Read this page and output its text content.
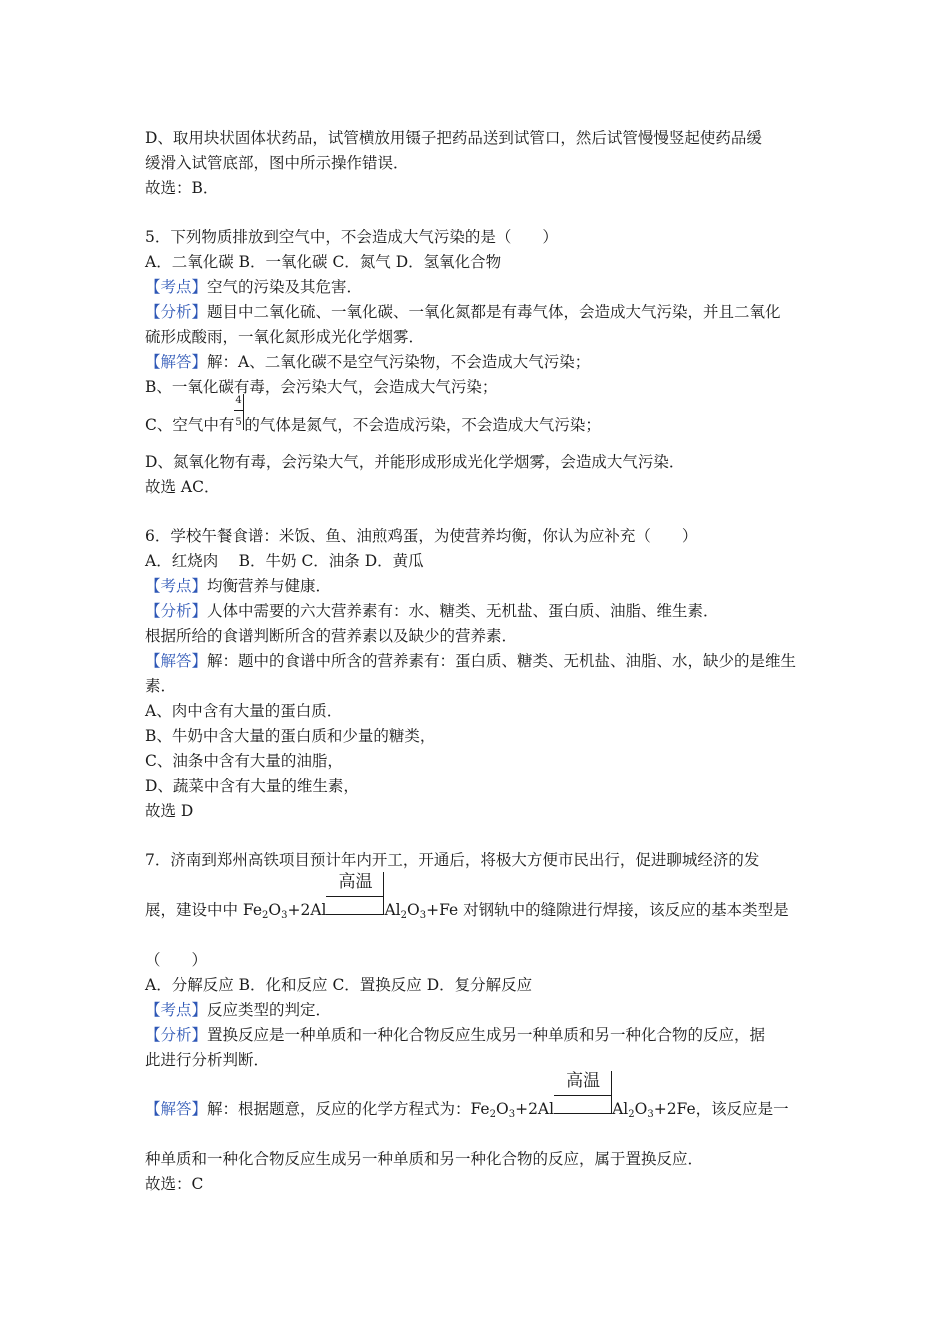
D、取用块状固体状药品，试管横放用镊子把药品送到试管口，然后试管慢慢竖起使药品缓
缓滑入试管底部，图中所示操作错误．
故选：B．
5．下列物质排放到空气中，不会造成大气污染的是（　　）
A．二氧化碳 B．一氧化碳 C．氮气 D．氢氧化合物
【考点】空气的污染及其危害．
【分析】题目中二氧化硫、一氧化碳、一氧化氮都是有毒气体，会造成大气污染，并且二氧化
硫形成酸雨，一氧化氮形成光化学烟雾．
【解答】解：A、二氧化碳不是空气污染物，不会造成大气污染；
B、一氧化碳有毒，会污染大气，会造成大气污染；
C、空气中有 $\frac{4}{5}$ 的气体是氮气，不会造成污染，不会造成大气污染；
D、氮氧化物有毒，会污染大气，并能形成形成光化学烟雾，会造成大气污染．
故选 AC．
6．学校午餐食谱：米饭、鱼、油煎鸡蛋，为使营养均衡，你认为应补充（　　）
A．红烧肉　 B．牛奶 C．油条 D．黄瓜
【考点】均衡营养与健康．
【分析】人体中需要的六大营养素有：水、糖类、无机盐、蛋白质、油脂、维生素．
根据所给的食谱判断所含的营养素以及缺少的营养素．
【解答】解：题中的食谱中所含的营养素有：蛋白质、糖类、无机盐、油脂、水，缺少的是维生
素．
A、肉中含有大量的蛋白质．
B、牛奶中含大量的蛋白质和少量的糖类，
C、油条中含有大量的油脂，
D、蔬菜中含有大量的维生素，
故选 D
7．济南到郑州高铁项目预计年内开工，开通后，将极大方便市民出行，促进聊城经济的发
展，建设中中 $Fe_2O_3+2Al$
高温
$Al_2O_3+Fe$ 对钢轨中的缝隙进行焊接，该反应的基本类型是
（　　）
A．分解反应 B．化和反应 C．置换反应 D．复分解反应
【考点】反应类型的判定．
【分析】置换反应是一种单质和一种化合物反应生成另一种单质和另一种化合物的反应，据
此进行分析判断．
【解答】解：根据题意，反应的化学方程式为：$Fe_2O_3+2Al$
高温
$Al_2O_3+2Fe$，该反应是一
种单质和一种化合物反应生成另一种单质和另一种化合物的反应，属于置换反应．
故选：C
